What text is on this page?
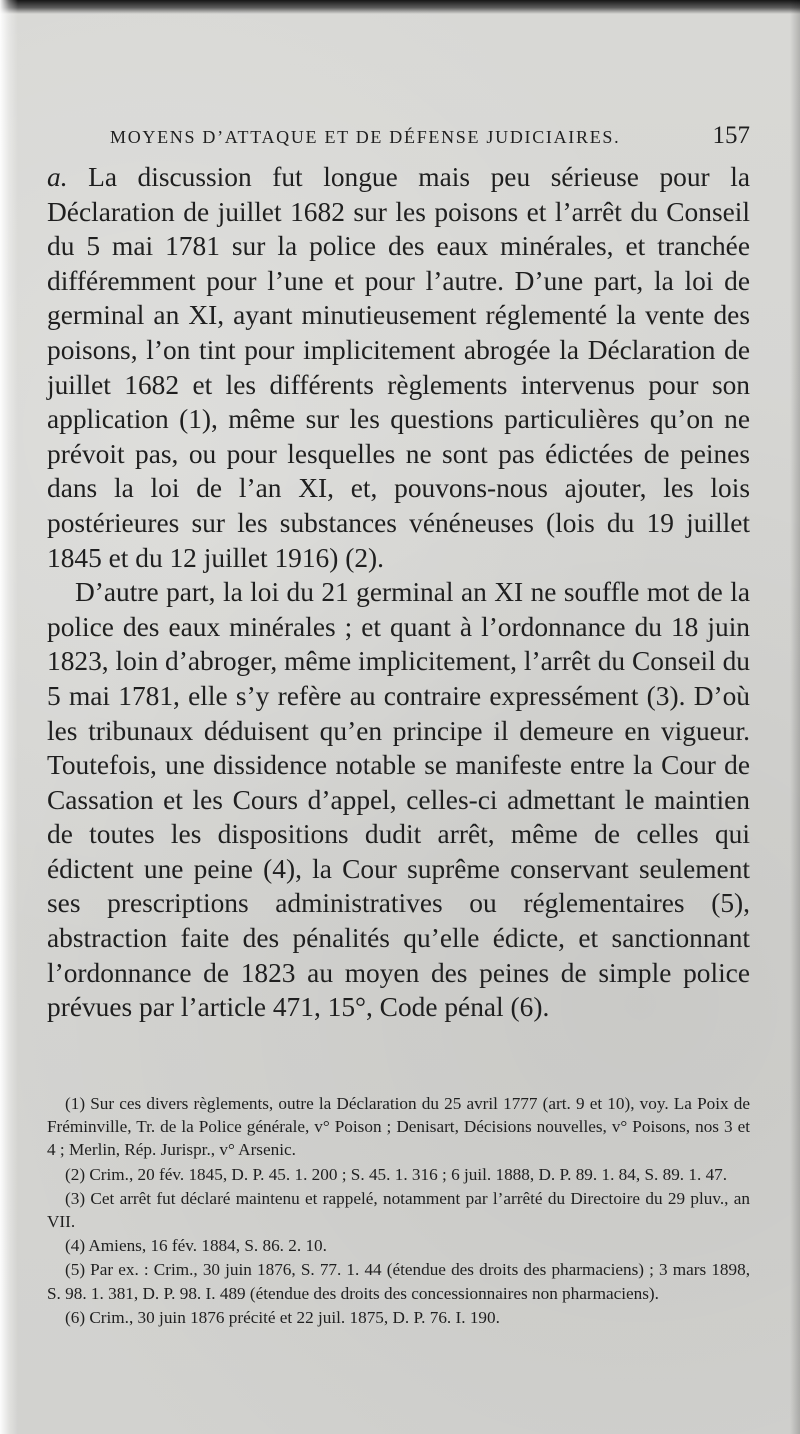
MOYENS D’ATTAQUE ET DE DÉFENSE JUDICIAIRES.	157

a. La discussion fut longue mais peu sérieuse pour la Déclaration de juillet 1682 sur les poisons et l’arrêt du Conseil du 5 mai 1781 sur la police des eaux minérales, et tranchée différemment pour l’une et pour l’autre. D’une part, la loi de germinal an XI, ayant minutieusement réglementé la vente des poisons, l’on tint pour implicitement abrogée la Déclaration de juillet 1682 et les différents règlements intervenus pour son application (1), même sur les questions particulières qu’on ne prévoit pas, ou pour lesquelles ne sont pas édictées de peines dans la loi de l’an XI, et, pouvons-nous ajouter, les lois postérieures sur les substances vénéneuses (lois du 19 juillet 1845 et du 12 juillet 1916) (2).

D’autre part, la loi du 21 germinal an XI ne souffle mot de la police des eaux minérales ; et quant à l’ordonnance du 18 juin 1823, loin d’abroger, même implicitement, l’arrêt du Conseil du 5 mai 1781, elle s’y refère au contraire expressément (3). D’où les tribunaux déduisent qu’en principe il demeure en vigueur. Toutefois, une dissidence notable se manifeste entre la Cour de Cassation et les Cours d’appel, celles-ci admettant le maintien de toutes les dispositions dudit arrêt, même de celles qui édictent une peine (4), la Cour suprême conservant seulement ses prescriptions administratives ou réglementaires (5), abstraction faite des pénalités qu’elle édicte, et sanctionnant l’ordonnance de 1823 au moyen des peines de simple police prévues par l’article 471, 15°, Code pénal (6).

(1) Sur ces divers règlements, outre la Déclaration du 25 avril 1777 (art. 9 et 10), voy. La Poix de Fréminville, Tr. de la Police générale, v° Poison ; Denisart, Décisions nouvelles, v° Poisons, nos 3 et 4 ; Merlin, Rép. Jurispr., v° Arsenic.

(2) Crim., 20 fév. 1845, D. P. 45. 1. 200 ; S. 45. 1. 316 ; 6 juil. 1888, D. P. 89. 1. 84, S. 89. 1. 47.

(3) Cet arrêt fut déclaré maintenu et rappelé, notamment par l’arrêté du Directoire du 29 pluv., an VII.

(4) Amiens, 16 fév. 1884, S. 86. 2. 10.

(5) Par ex. : Crim., 30 juin 1876, S. 77. 1. 44 (étendue des droits des pharmaciens) ; 3 mars 1898, S. 98. 1. 381, D. P. 98. I. 489 (étendue des droits des concessionnaires non pharmaciens).

(6) Crim., 30 juin 1876 précité et 22 juil. 1875, D. P. 76. I. 190.
